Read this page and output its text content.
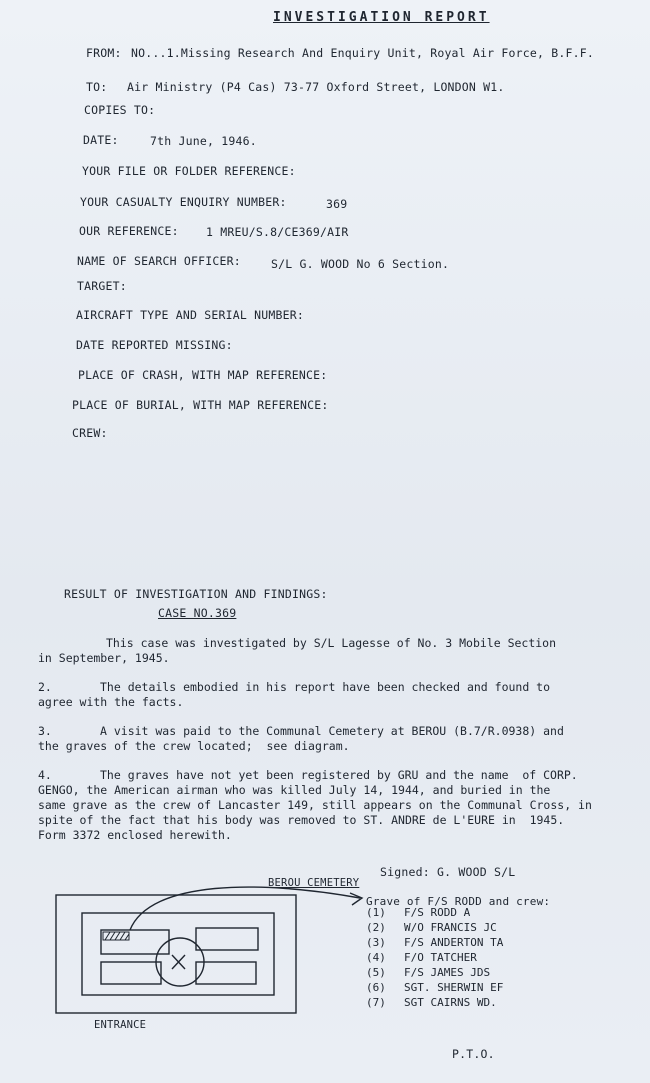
INVESTIGATION REPORT
FROM: NO...1.Missing Research And Enquiry Unit, Royal Air Force, B.F.F.
TO: Air Ministry (P4 Cas) 73-77 Oxford Street, LONDON W1.
COPIES TO:
DATE:	7th June, 1946.
YOUR FILE OR FOLDER REFERENCE:
YOUR CASUALTY ENQUIRY NUMBER:	369
OUR REFERENCE: 1 MREU/S.8/CE369/AIR
NAME OF SEARCH OFFICER:	S/L G. WOOD No 6 Section.
TARGET:
AIRCRAFT TYPE AND SERIAL NUMBER:
DATE REPORTED MISSING:
PLACE OF CRASH, WITH MAP REFERENCE:
PLACE OF BURIAL, WITH MAP REFERENCE:
CREW:
RESULT OF INVESTIGATION AND FINDINGS:
CASE NO.369
This case was investigated by S/L Lagesse of No. 3 Mobile Section
in September, 1945.
2.	The details embodied in his report have been checked and found to
agree with the facts.
3.	A visit was paid to the Communal Cemetery at BEROU (B.7/R.0938) and
the graves of the crew located;  see diagram.
4.	The graves have not yet been registered by GRU and the name  of CORP.
GENGO, the American airman who was killed July 14, 1944, and buried in the
same grave as the crew of Lancaster 149, still appears on the Communal Cross, in
spite of the fact that his body was removed to ST. ANDRE de L'EURE in  1945.
Form 3372 enclosed herewith.
Signed: G. WOOD S/L
BEROU CEMETERY
ENTRANCE
Grave of F/S RODD and crew:
(1) F/S RODD A
(2) W/O FRANCIS JC
(3) F/S ANDERTON TA
(4) F/O TATCHER
(5) F/S JAMES JDS
(6) SGT. SHERWIN EF
(7) SGT CAIRNS WD.
P.T.O.
